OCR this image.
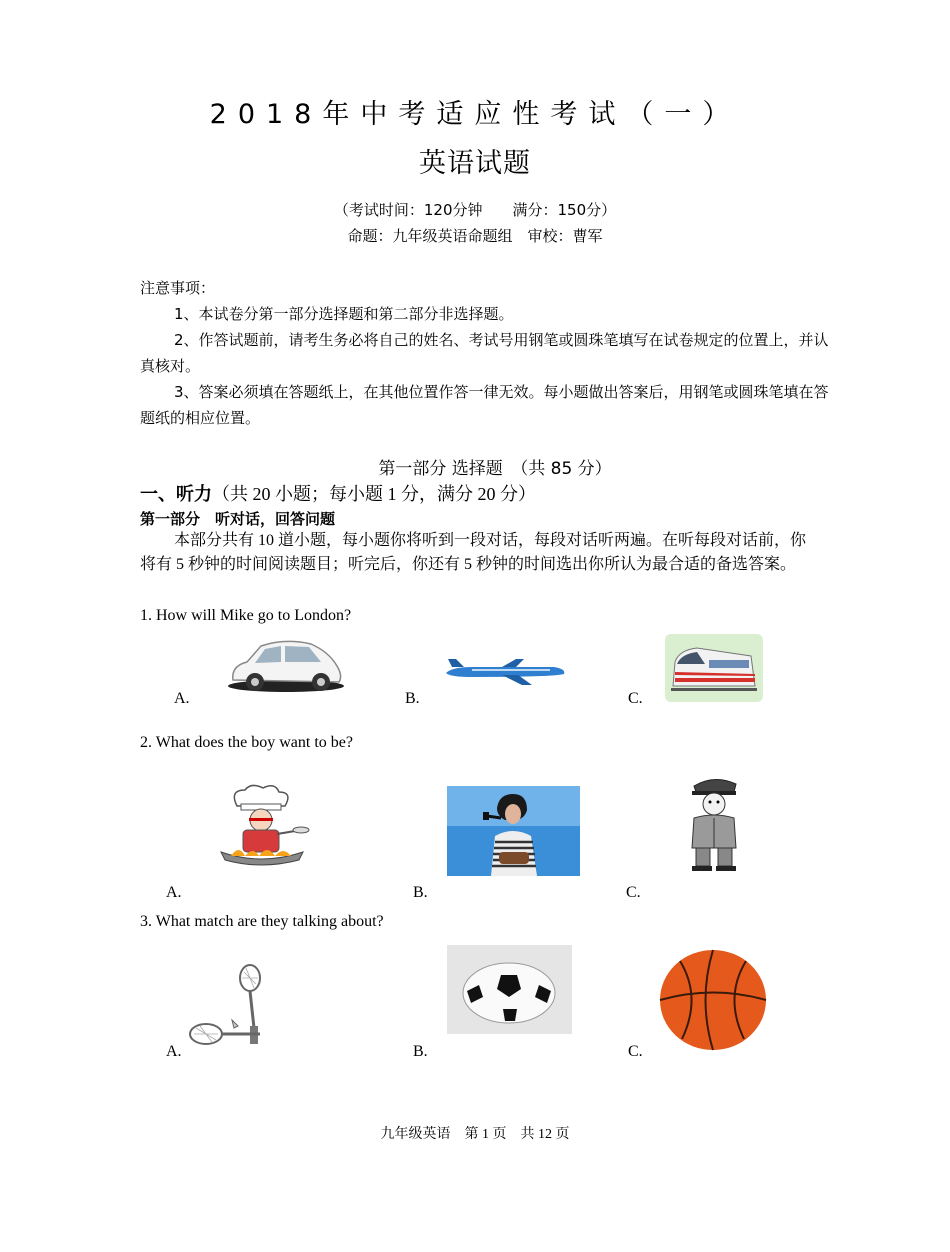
2018年中考适应性考试（一）
英语试题
（考试时间：120分钟　　满分：150分）
命题：九年级英语命题组　审校：曹军
注意事项：
1、本试卷分第一部分选择题和第二部分非选择题。
2、作答试题前，请考生务必将自己的姓名、考试号用钢笔或圆珠笔填写在试卷规定的位置上，并认真核对。
3、答案必须填在答题纸上，在其他位置作答一律无效。每小题做出答案后，用钢笔或圆珠笔填在答题纸的相应位置。
第一部分 选择题　（共 85 分）
一、听力（共 20 小题；每小题 1 分，满分 20 分）
第一部分　听对话，回答问题
本部分共有 10 道小题，每小题你将听到一段对话，每段对话听两遍。在听每段对话前，你将有 5 秒钟的时间阅读题目；听完后，你还有 5 秒钟的时间选出你所认为最合适的备选答案。
1. How will Mike go to London?
A.	B.	C.
2. What does the boy want to be?
A.	B.	C.
3. What match are they talking about?
A.	B.	C.
九年级英语　第 1 页　共 12 页
